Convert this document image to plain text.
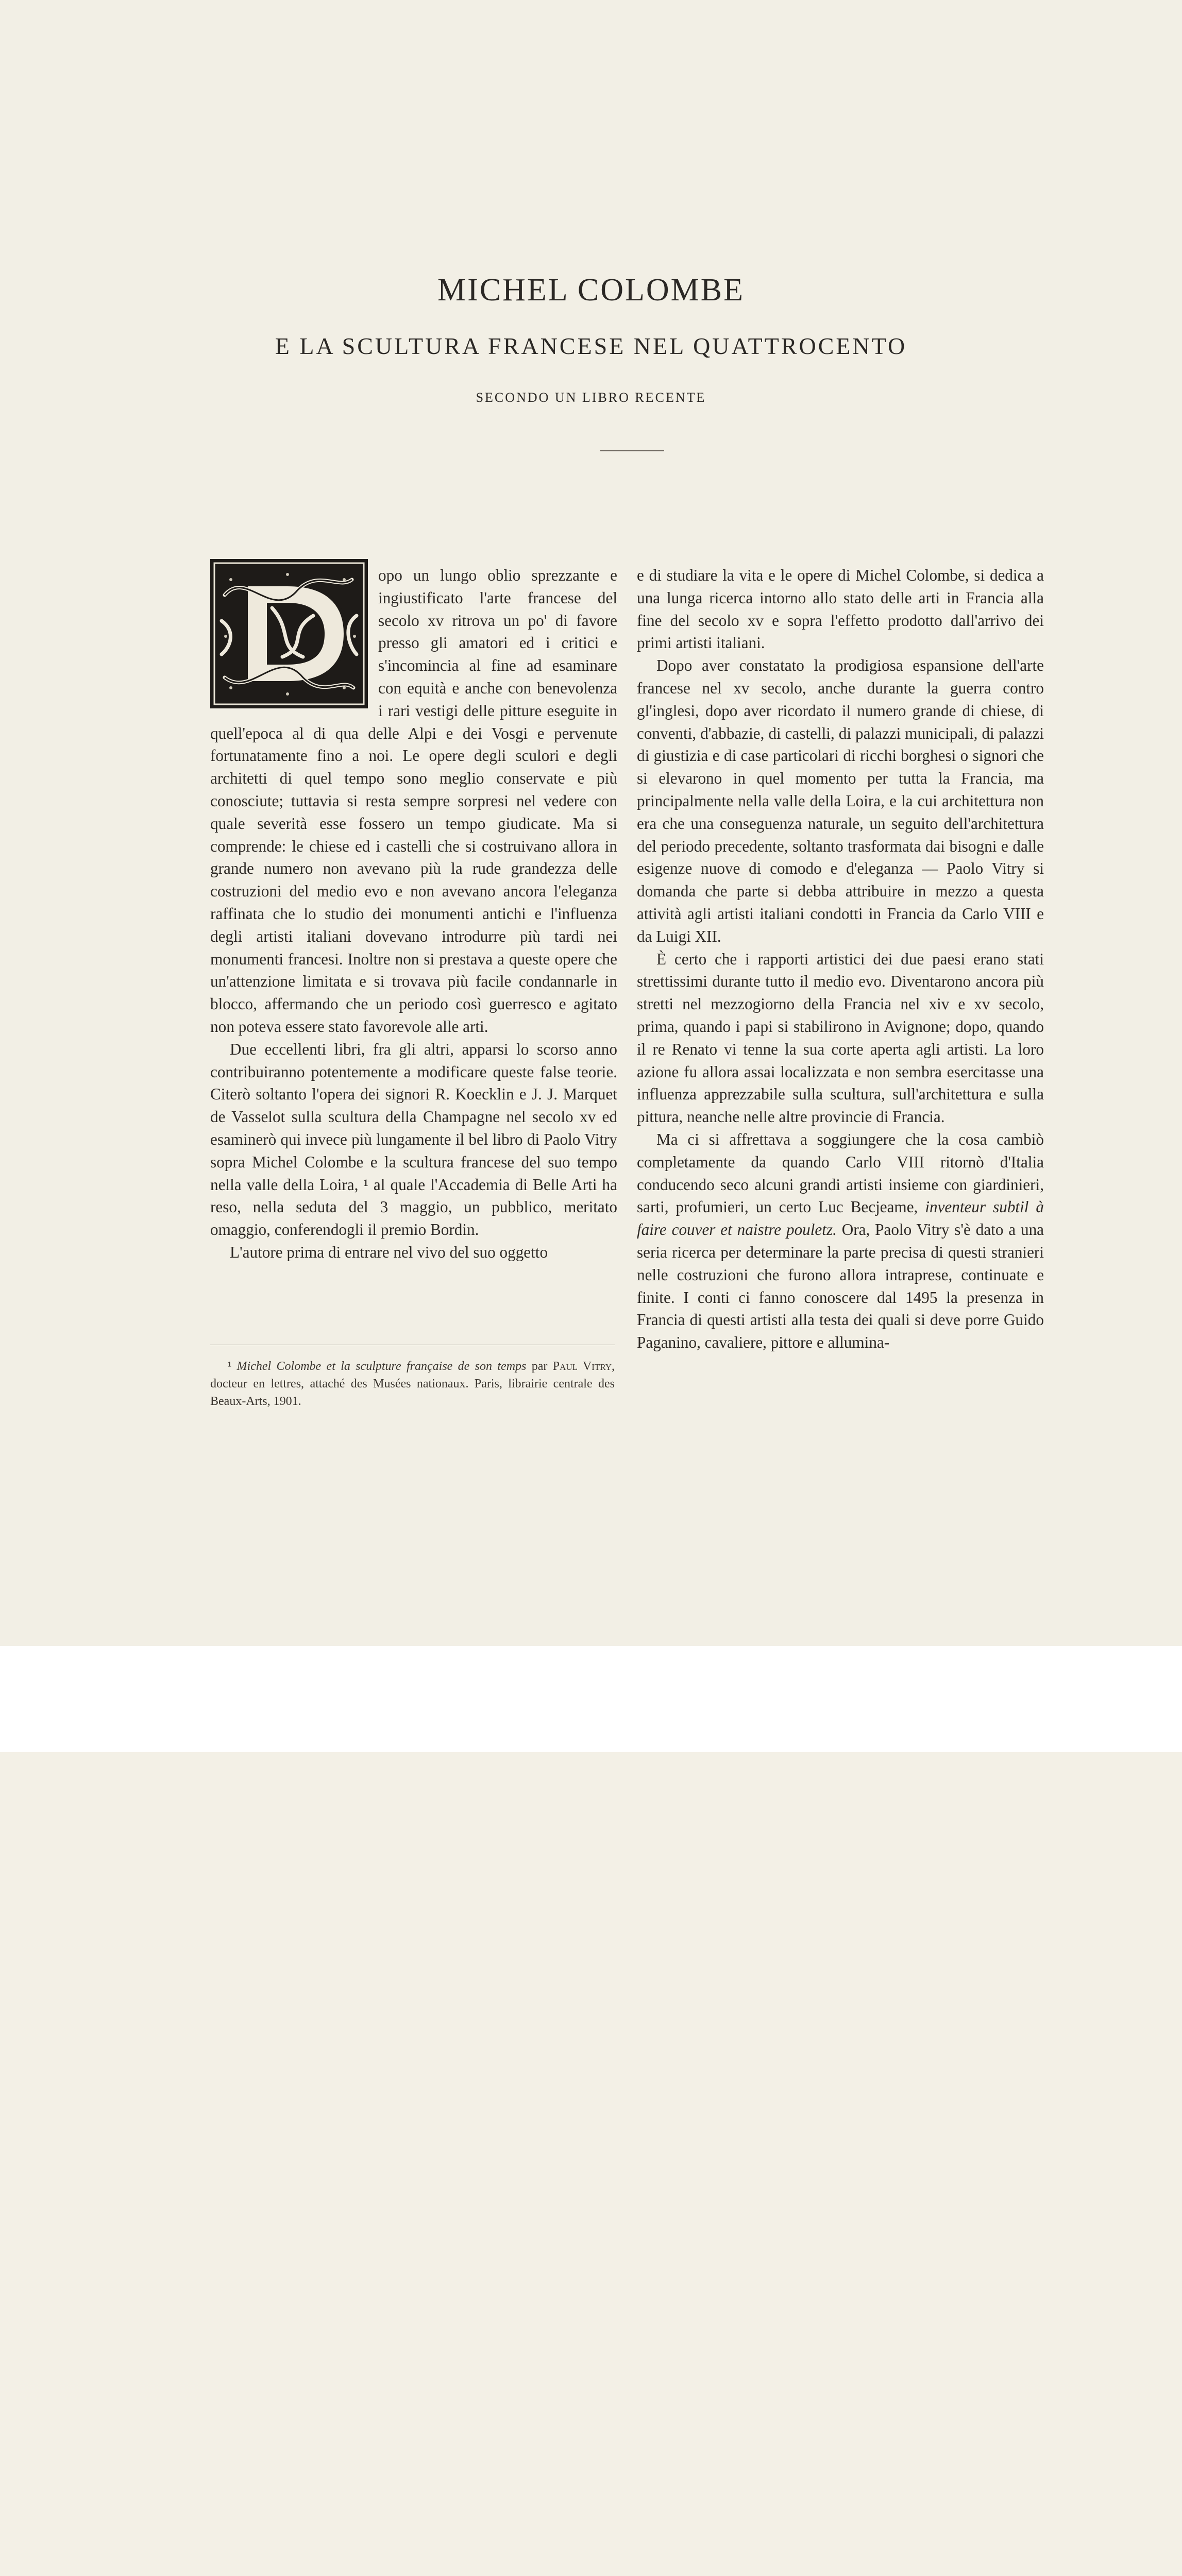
MICHEL COLOMBE
E LA SCULTURA FRANCESE NEL QUATTROCENTO
SECONDO UN LIBRO RECENTE

opo un lungo oblio sprezzante e ingiustificato l'arte francese del secolo xv ritrova un po' di favore presso gli amatori ed i critici e s'incomincia al fine ad esaminare con equità e anche con benevolenza i rari vestigi delle pitture eseguite in quell'epoca al di qua delle Alpi e dei Vosgi e pervenute fortunatamente fino a noi. Le opere degli sculori e degli architetti di quel tempo sono meglio conservate e più conosciute; tuttavia si resta sempre sorpresi nel vedere con quale severità esse fossero un tempo giudicate. Ma si comprende: le chiese ed i castelli che si costruivano allora in grande numero non avevano più la rude grandezza delle costruzioni del medio evo e non avevano ancora l'eleganza raffinata che lo studio dei monumenti antichi e l'influenza degli artisti italiani dovevano introdurre più tardi nei monumenti francesi. Inoltre non si prestava a queste opere che un'attenzione limitata e si trovava più facile condannarle in blocco, affermando che un periodo così guerresco e agitato non poteva essere stato favorevole alle arti.

Due eccellenti libri, fra gli altri, apparsi lo scorso anno contribuiranno potentemente a modificare queste false teorie. Citerò soltanto l'opera dei signori R. Koecklin e J. J. Marquet de Vasselot sulla scultura della Champagne nel secolo xv ed esaminerò qui invece più lungamente il bel libro di Paolo Vitry sopra Michel Colombe e la scultura francese del suo tempo nella valle della Loira, ¹ al quale l'Accademia di Belle Arti ha reso, nella seduta del 3 maggio, un pubblico, meritato omaggio, conferendogli il premio Bordin.

L'autore prima di entrare nel vivo del suo oggetto

¹ Michel Colombe et la sculpture française de son temps par Paul Vitry, docteur en lettres, attaché des Musées nationaux. Paris, librairie centrale des Beaux-Arts, 1901.

e di studiare la vita e le opere di Michel Colombe, si dedica a una lunga ricerca intorno allo stato delle arti in Francia alla fine del secolo xv e sopra l'effetto prodotto dall'arrivo dei primi artisti italiani.

Dopo aver constatato la prodigiosa espansione dell'arte francese nel xv secolo, anche durante la guerra contro gl'inglesi, dopo aver ricordato il numero grande di chiese, di conventi, d'abbazie, di castelli, di palazzi municipali, di palazzi di giustizia e di case particolari di ricchi borghesi o signori che si elevarono in quel momento per tutta la Francia, ma principalmente nella valle della Loira, e la cui architettura non era che una conseguenza naturale, un seguito dell'architettura del periodo precedente, soltanto trasformata dai bisogni e dalle esigenze nuove di comodo e d'eleganza — Paolo Vitry si domanda che parte si debba attribuire in mezzo a questa attività agli artisti italiani condotti in Francia da Carlo VIII e da Luigi XII.

È certo che i rapporti artistici dei due paesi erano stati strettissimi durante tutto il medio evo. Diventarono ancora più stretti nel mezzogiorno della Francia nel xiv e xv secolo, prima, quando i papi si stabilirono in Avignone; dopo, quando il re Renato vi tenne la sua corte aperta agli artisti. La loro azione fu allora assai localizzata e non sembra esercitasse una influenza apprezzabile sulla scultura, sull'architettura e sulla pittura, neanche nelle altre provincie di Francia.

Ma ci si affrettava a soggiungere che la cosa cambiò completamente da quando Carlo VIII ritornò d'Italia conducendo seco alcuni grandi artisti insieme con giardinieri, sarti, profumieri, un certo Luc Becjeame, inventeur subtil à faire couver et naistre pouletz. Ora, Paolo Vitry s'è dato a una seria ricerca per determinare la parte precisa di questi stranieri nelle costruzioni che furono allora intraprese, continuate e finite. I conti ci fanno conoscere dal 1495 la presenza in Francia di questi artisti alla testa dei quali si deve porre Guido Paganino, cavaliere, pittore e allumina-
